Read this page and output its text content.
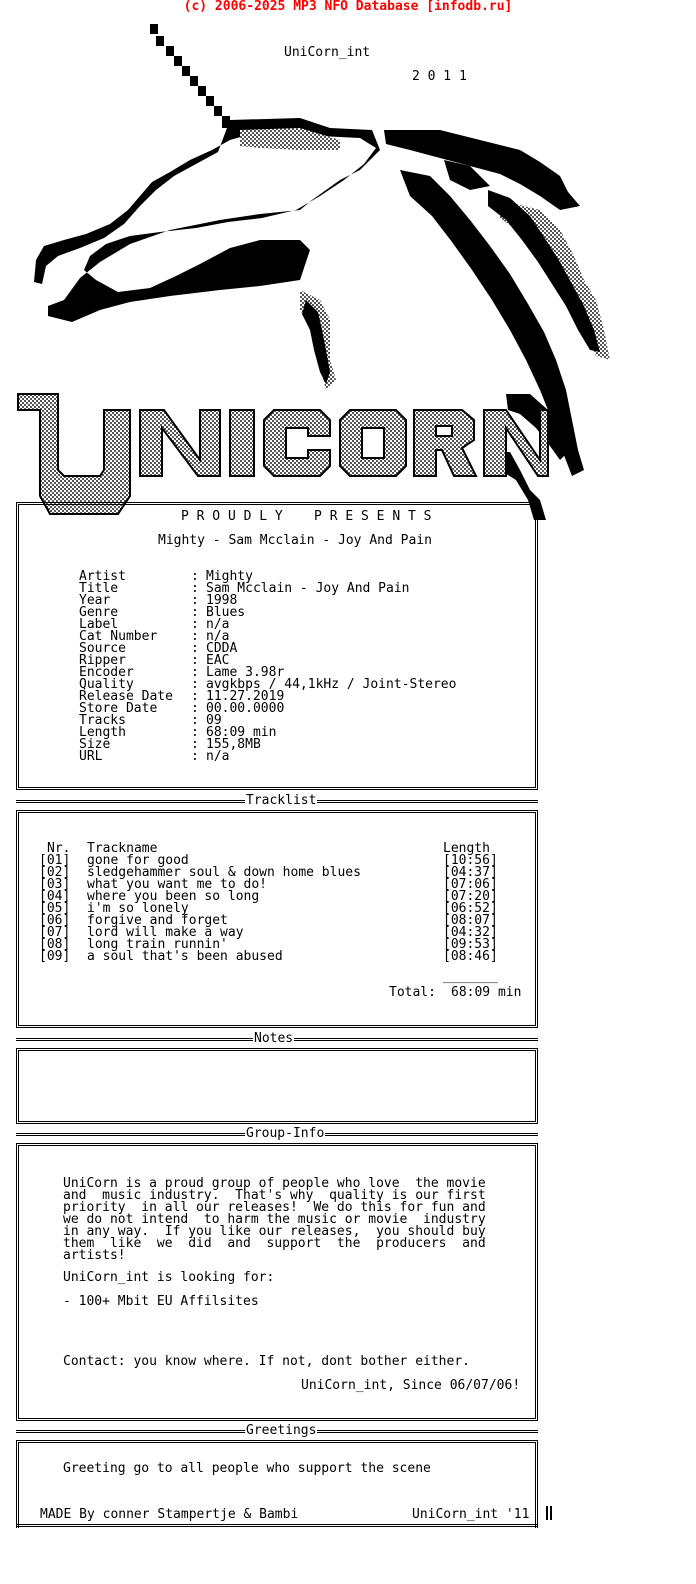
(c) 2006-2025 MP3 NFO Database [infodb.ru]
UniCorn_int
2 0 1 1
P R O U D L Y    P R E S E N T S
Mighty - Sam Mcclain - Joy And Pain
Artist	: Mighty
Title	: Sam Mcclain - Joy And Pain
Year	: 1998
Genre	: Blues
Label	: n/a
Cat Number	: n/a
Source	: CDDA
Ripper	: EAC
Encoder	: Lame 3.98r
Quality	: avgkbps / 44,1kHz / Joint-Stereo
Release Date : 11.27.2019
Store Date	: 00.00.0000
Tracks	: 09
Length	: 68:09 min
Size	: 155,8MB
URL	: n/a
Tracklist
Nr. Trackname	Length
[01] gone for good	[10:56]
[02] sledgehammer soul & down home blues	[04:37]
[03] what you want me to do!	[07:06]
[04] where you been so long	[07:20]
[05] i'm so lonely	[06:52]
[06] forgive and forget	[08:07]
[07] lord will make a way	[04:32]
[08] long train runnin'	[09:53]
[09] a soul that's been abused	[08:46]
_______
Total: 68:09 min
Notes
Group-Info
UniCorn is a proud group of people who love  the movie
and  music industry.  That's why  quality is our first
priority  in all our releases!  We do this for fun and
we do not intend  to harm the music or movie  industry
in any way.  If you like our releases,  you should buy
them  like  we  did  and  support  the  producers  and
artists!
UniCorn_int is looking for:
- 100+ Mbit EU Affilsites
Contact: you know where. If not, dont bother either.
UniCorn_int, Since 06/07/06!
Greetings
Greeting go to all people who support the scene
MADE By conner Stampertje & Bambi	UniCorn_int '11
